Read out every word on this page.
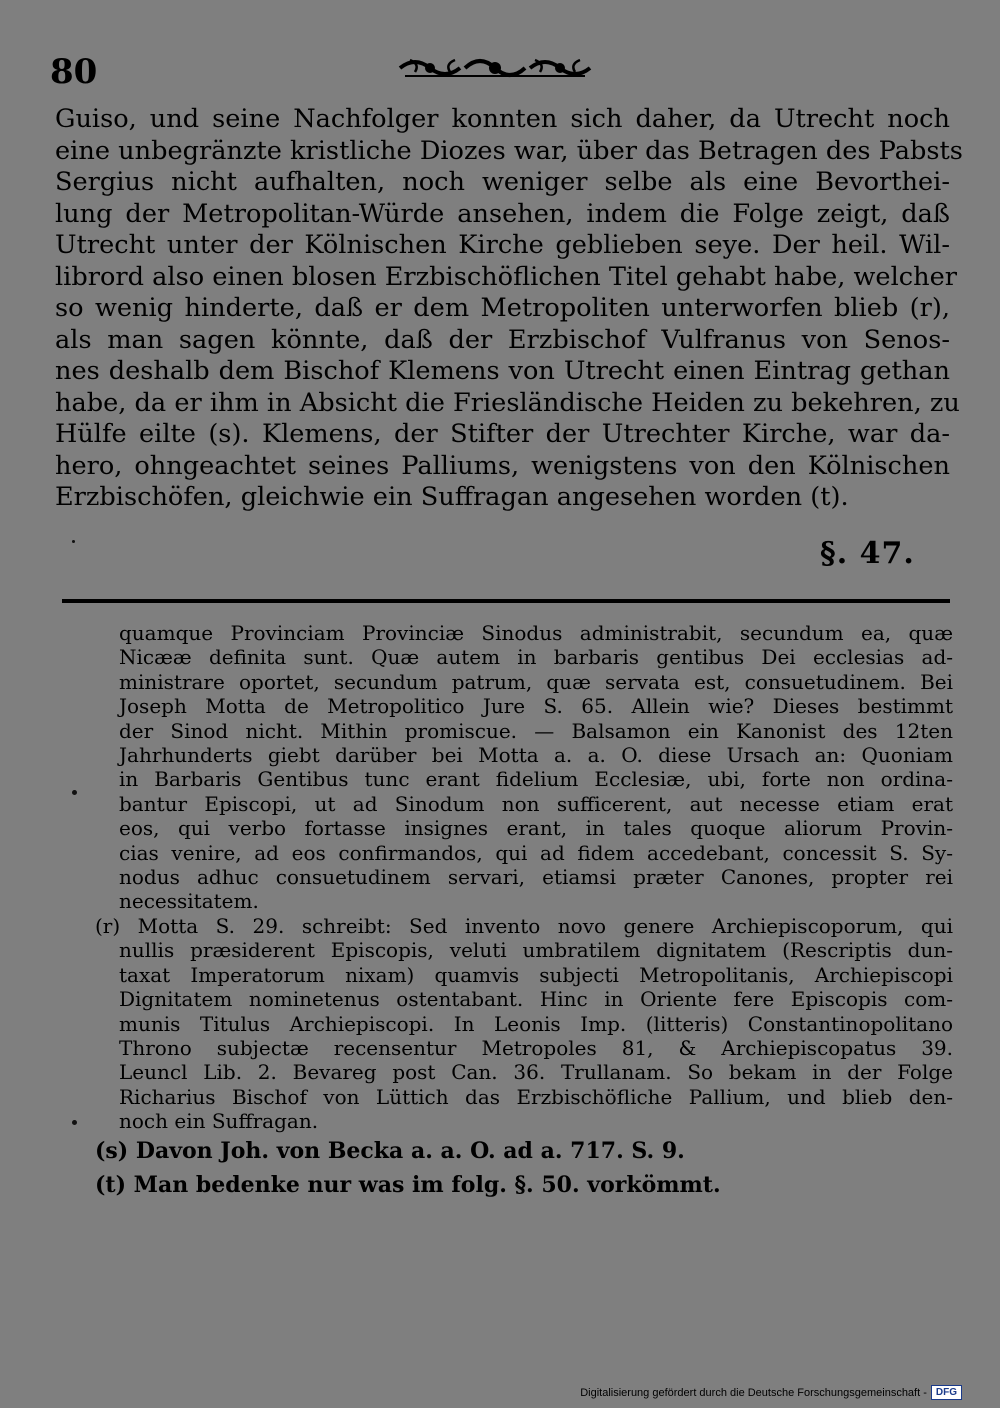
80
Guiso, und seine Nachfolger konnten sich daher, da Utrecht noch
eine unbegränzte kristliche Diozes war, über das Betragen des Pabsts
Sergius nicht aufhalten, noch weniger selbe als eine Bevorthei-
lung der Metropolitan-Würde ansehen, indem die Folge zeigt, daß
Utrecht unter der Kölnischen Kirche geblieben seye. Der heil. Wil-
librord also einen blosen Erzbischöflichen Titel gehabt habe, welcher
so wenig hinderte, daß er dem Metropoliten unterworfen blieb (r),
als man sagen könnte, daß der Erzbischof Vulfranus von Senos-
nes deshalb dem Bischof Klemens von Utrecht einen Eintrag gethan
habe, da er ihm in Absicht die Friesländische Heiden zu bekehren, zu
Hülfe eilte (s). Klemens, der Stifter der Utrechter Kirche, war da-
hero, ohngeachtet seines Palliums, wenigstens von den Kölnischen
Erzbischöfen, gleichwie ein Suffragan angesehen worden (t).
§. 47.
quamque Provinciam Provinciæ Sinodus administrabit, secundum ea, quæ
Nicææ definita sunt. Quæ autem in barbaris gentibus Dei ecclesias ad-
ministrare oportet, secundum patrum, quæ servata est, consuetudinem. Bei
Joseph Motta de Metropolitico Jure S. 65. Allein wie? Dieses bestimmt
der Sinod nicht. Mithin promiscue. — Balsamon ein Kanonist des 12ten
Jahrhunderts giebt darüber bei Motta a. a. O. diese Ursach an: Quoniam
in Barbaris Gentibus tunc erant fidelium Ecclesiæ, ubi, forte non ordina-
bantur Episcopi, ut ad Sinodum non sufficerent, aut necesse etiam erat
eos, qui verbo fortasse insignes erant, in tales quoque aliorum Provin-
cias venire, ad eos confirmandos, qui ad fidem accedebant, concessit S. Sy-
nodus adhuc consuetudinem servari, etiamsi præter Canones, propter rei
necessitatem.
(r) Motta S. 29. schreibt: Sed invento novo genere Archiepiscoporum, qui
nullis præsiderent Episcopis, veluti umbratilem dignitatem (Rescriptis dun-
taxat Imperatorum nixam) quamvis subjecti Metropolitanis, Archiepiscopi
Dignitatem nominetenus ostentabant. Hinc in Oriente fere Episcopis com-
munis Titulus Archiepiscopi. In Leonis Imp. (litteris) Constantinopolitano
Throno subjectæ recensentur Metropoles 81, & Archiepiscopatus 39.
Leuncl Lib. 2. Bevareg post Can. 36. Trullanam. So bekam in der Folge
Richarius Bischof von Lüttich das Erzbischöfliche Pallium, und blieb den-
noch ein Suffragan.
(s) Davon Joh. von Becka a. a. O. ad a. 717. S. 9.
(t) Man bedenke nur was im folg. §. 50. vorkömmt.
Digitalisierung gefördert durch die Deutsche Forschungsgemeinschaft - DFG
